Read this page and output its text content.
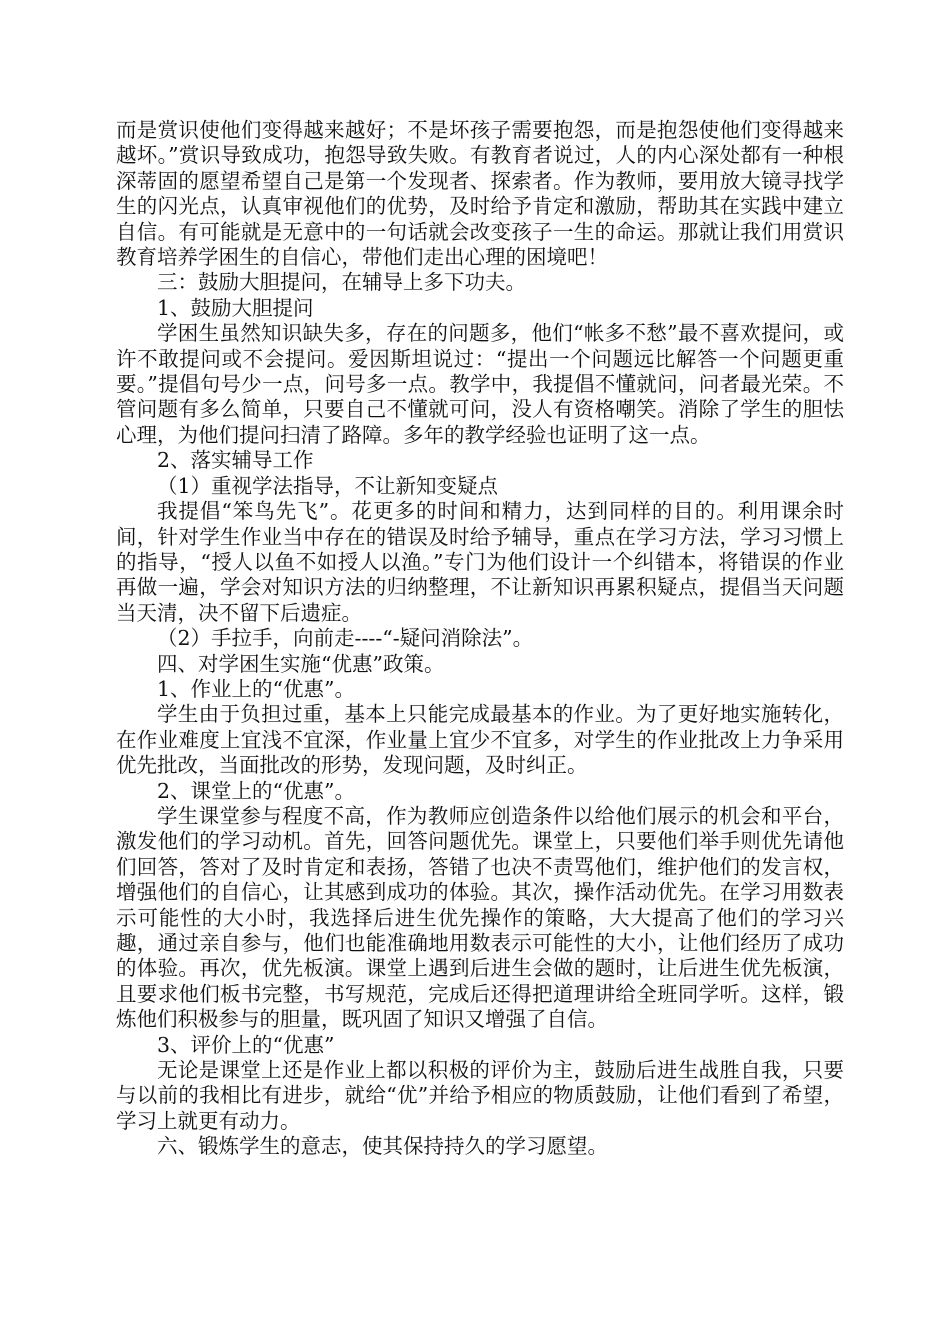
而是赏识使他们变得越来越好；不是坏孩子需要抱怨，而是抱怨使他们变得越来越坏。”赏识导致成功，抱怨导致失败。有教育者说过，人的内心深处都有一种根深蒂固的愿望希望自己是第一个发现者、探索者。作为教师，要用放大镜寻找学生的闪光点，认真审视他们的优势，及时给予肯定和激励，帮助其在实践中建立自信。有可能就是无意中的一句话就会改变孩子一生的命运。那就让我们用赏识教育培养学困生的自信心，带他们走出心理的困境吧！

三：鼓励大胆提问，在辅导上多下功夫。

1、鼓励大胆提问

学困生虽然知识缺失多，存在的问题多，他们“帐多不愁”最不喜欢提问，或许不敢提问或不会提问。爱因斯坦说过：“提出一个问题远比解答一个问题更重要。”提倡句号少一点，问号多一点。教学中，我提倡不懂就问，问者最光荣。不管问题有多么简单，只要自己不懂就可问，没人有资格嘲笑。消除了学生的胆怯心理，为他们提问扫清了路障。多年的教学经验也证明了这一点。

2、落实辅导工作

（1）重视学法指导，不让新知变疑点

我提倡“笨鸟先飞”。花更多的时间和精力，达到同样的目的。利用课余时间，针对学生作业当中存在的错误及时给予辅导，重点在学习方法，学习习惯上的指导，“授人以鱼不如授人以渔。”专门为他们设计一个纠错本，将错误的作业再做一遍，学会对知识方法的归纳整理，不让新知识再累积疑点，提倡当天问题当天清，决不留下后遗症。

（2）手拉手，向前走----“-疑问消除法”。

四、对学困生实施“优惠”政策。

1、作业上的“优惠”。

学生由于负担过重，基本上只能完成最基本的作业。为了更好地实施转化，在作业难度上宜浅不宜深，作业量上宜少不宜多，对学生的作业批改上力争采用优先批改，当面批改的形势，发现问题，及时纠正。

2、课堂上的“优惠”。

学生课堂参与程度不高，作为教师应创造条件以给他们展示的机会和平台，激发他们的学习动机。首先，回答问题优先。课堂上，只要他们举手则优先请他们回答，答对了及时肯定和表扬，答错了也决不责骂他们，维护他们的发言权，增强他们的自信心，让其感到成功的体验。其次，操作活动优先。在学习用数表示可能性的大小时，我选择后进生优先操作的策略，大大提高了他们的学习兴趣，通过亲自参与，他们也能准确地用数表示可能性的大小，让他们经历了成功的体验。再次，优先板演。课堂上遇到后进生会做的题时，让后进生优先板演，且要求他们板书完整，书写规范，完成后还得把道理讲给全班同学听。这样，锻炼他们积极参与的胆量，既巩固了知识又增强了自信。

3、评价上的“优惠”

无论是课堂上还是作业上都以积极的评价为主，鼓励后进生战胜自我，只要与以前的我相比有进步，就给“优”并给予相应的物质鼓励，让他们看到了希望，学习上就更有动力。

六、锻炼学生的意志，使其保持持久的学习愿望。
